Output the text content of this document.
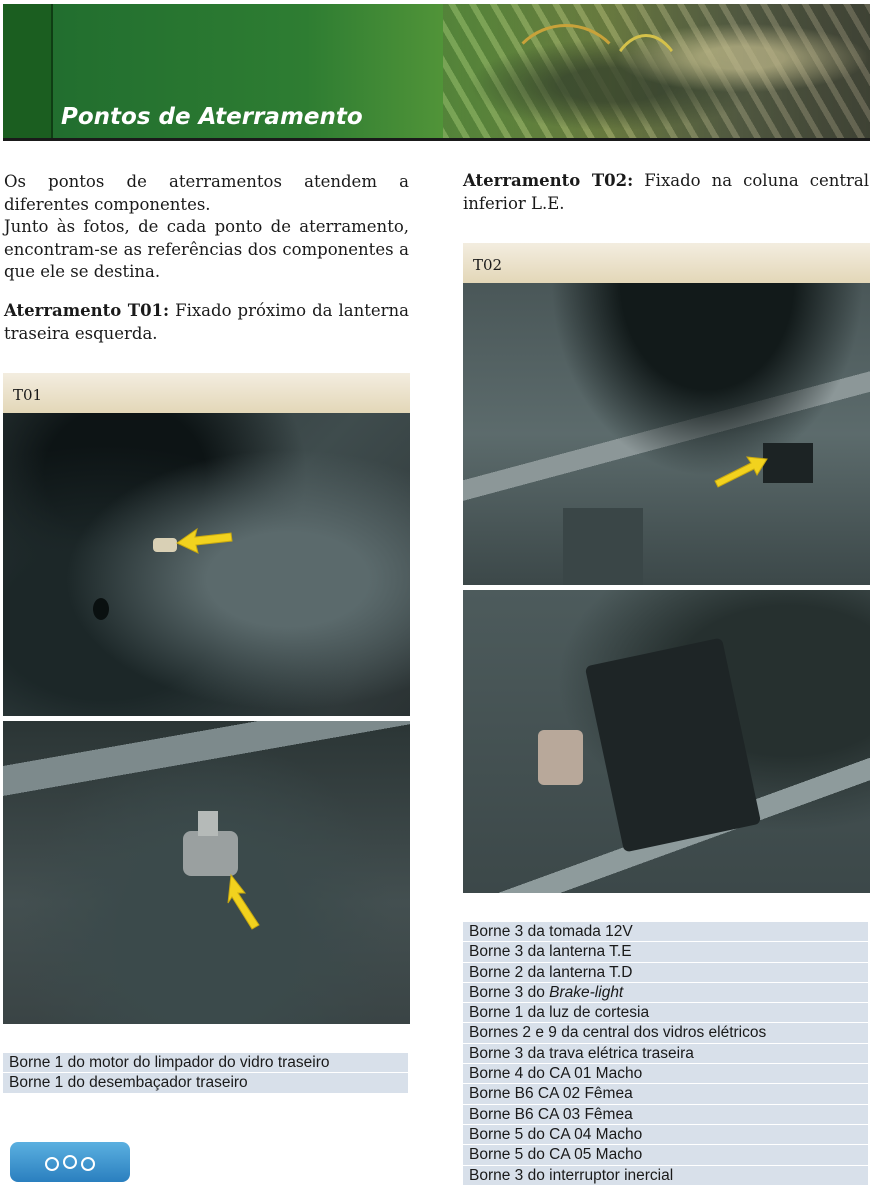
Pontos de Aterramento

Os pontos de aterramentos atendem a diferentes componentes.

Junto às fotos, de cada ponto de aterramento, encontram-se as referências dos componentes a que ele se destina.

Aterramento T01: Fixado próximo da lanterna traseira esquerda.

T01
Borne 1 do motor do limpador do vidro traseiro
Borne 1 do desembaçador traseiro

Aterramento T02: Fixado na coluna central inferior L.E.

T02
Borne 3 da tomada 12V
Borne 3 da lanterna T.E
Borne 2 da lanterna T.D
Borne 3 do Brake-light
Borne 1 da luz de cortesia
Bornes 2 e 9 da central dos vidros elétricos
Borne 3 da trava elétrica traseira
Borne 4 do CA 01 Macho
Borne B6 CA 02 Fêmea
Borne B6 CA 03 Fêmea
Borne 5 do CA 04 Macho
Borne 5 do CA 05 Macho
Borne 3 do interruptor inercial
